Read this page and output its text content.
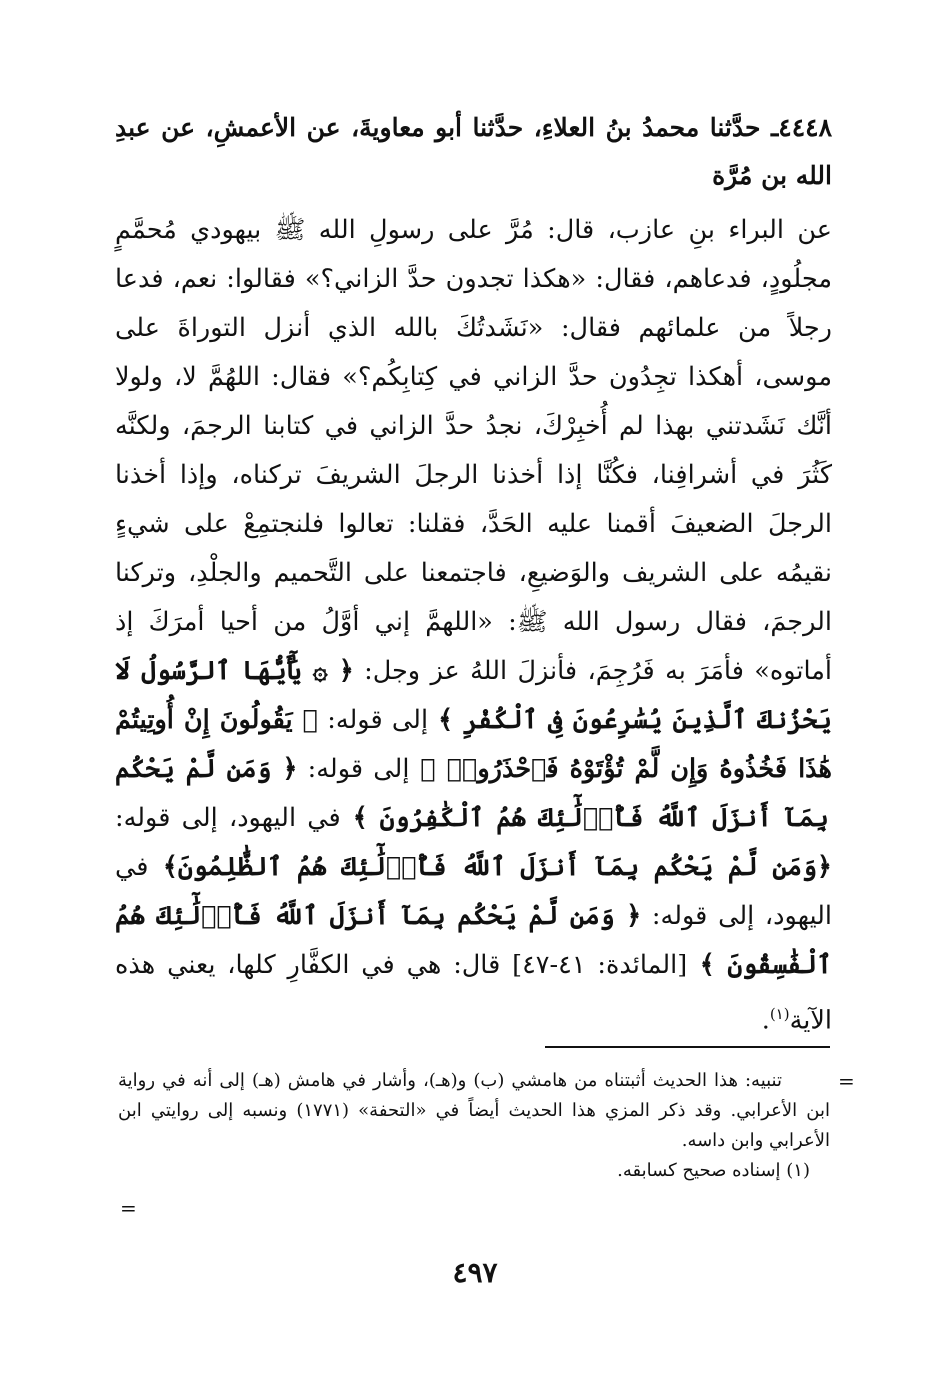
٤٤٤٨ـ حدَّثنا محمدُ بنُ العلاءِ، حدَّثنا أبو معاويةَ، عن الأعمشِ، عن عبدِ الله بن مُرَّة

عن البراء بنِ عازب، قال: مُرَّ على رسولِ الله ﷺ بيهودي مُحمَّمٍ مجلُودٍ، فدعاهم، فقال: «هكذا تجدون حدَّ الزاني؟» فقالوا: نعم، فدعا رجلاً من علمائهم فقال: «نَشَدتُكَ بالله الذي أنزل التوراةَ على موسى، أهكذا تجِدُون حدَّ الزاني في كِتابِكُم؟» فقال: اللهُمَّ لا، ولولا أنَّك نَشَدتني بهذا لم أُخبِرْكَ، نجدُ حدَّ الزاني في كتابنا الرجمَ، ولكنَّه كَثُرَ في أشرافِنا، فكُنَّا إذا أخذنا الرجلَ الشريفَ تركناه، وإذا أخذنا الرجلَ الضعيفَ أقمنا عليه الحَدَّ، فقلنا: تعالوا فلنجتمِعْ على شيءٍ نقيمُه على الشريف والوَضيعِ، فاجتمعنا على التَّحميم والجلْدِ، وتركنا الرجمَ، فقال رسول الله ﷺ: «اللهمَّ إني أوَّلُ من أحيا أمرَكَ إذ أماتوه» فأمَرَ به فَرُجِمَ، فأنزلَ اللهُ عز وجل: ﴿ ۞ يَٰٓأَيُّهَا ٱلرَّسُولُ لَا يَحْزُنكَ ٱلَّذِينَ يُسَٰرِعُونَ فِى ٱلْكُفْرِ ﴾ إلى قوله: ﴿ يَقُولُونَ إِنْ أُوتِيتُمْ هَٰذَا فَخُذُوهُ وَإِن لَّمْ تُؤْتَوْهُ فَٱحْذَرُوا۟ ﴾ إلى قوله: ﴿ وَمَن لَّمْ يَحْكُم بِمَآ أَنزَلَ ٱللَّهُ فَأُو۟لَٰٓئِكَ هُمُ ٱلْكَٰفِرُونَ ﴾ في اليهود، إلى قوله: ﴿وَمَن لَّمْ يَحْكُم بِمَآ أَنزَلَ ٱللَّهُ فَأُو۟لَٰٓئِكَ هُمُ ٱلظَّٰلِمُونَ﴾ في اليهود، إلى قوله: ﴿ وَمَن لَّمْ يَحْكُم بِمَآ أَنزَلَ ٱللَّهُ فَأُو۟لَٰٓئِكَ هُمُ ٱلْفَٰسِقُونَ ﴾ [المائدة: ٤١-٤٧] قال: هي في الكفَّارِ كلها، يعني هذه الآية$^{(١)}$.
=

تنبيه: هذا الحديث أثبتناه من هامشي (ب) و(هـ)، وأشار في هامش (هـ) إلى أنه في رواية ابن الأعرابي. وقد ذكر المزي هذا الحديث أيضاً في «التحفة» (١٧٧١) ونسبه إلى روايتي ابن الأعرابي وابن داسه.

(١) إسناده صحيح كسابقه.

=
٤٩٧
